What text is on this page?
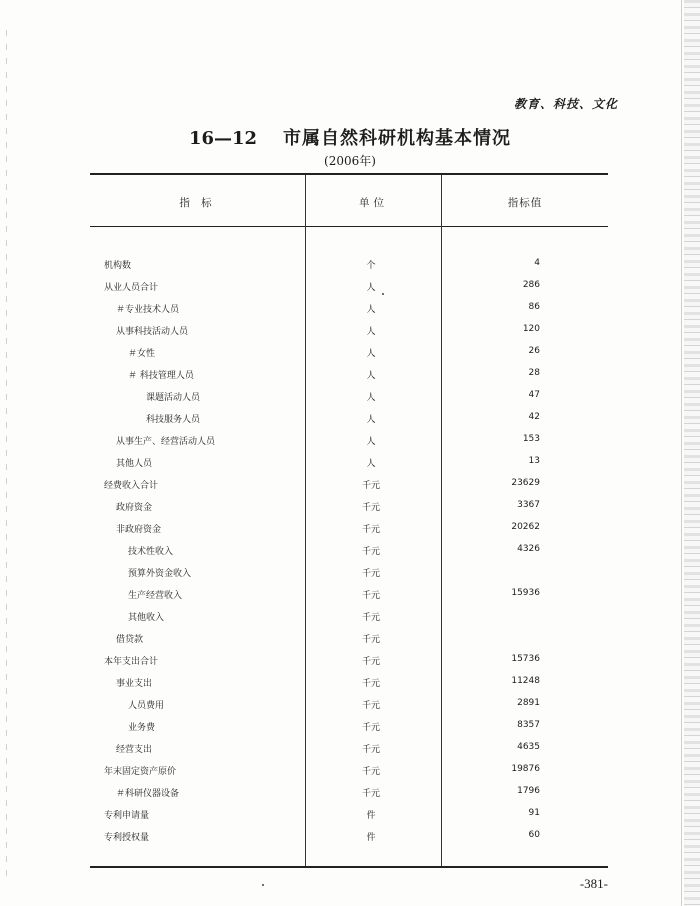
教育、科技、文化
16—12 市属自然科研机构基本情况
(2006年)
指 标	单位	指标值
机构数	个	4
从业人员合计	人	286
＃专业技术人员	人	86
从事科技活动人员	人	120
＃女性	人	26
＃ 科技管理人员	人	28
课题活动人员	人	47
科技服务人员	人	42
从事生产、经营活动人员	人	153
其他人员	人	13
经费收入合计	千元	23629
政府资金	千元	3367
非政府资金	千元	20262
技术性收入	千元	4326
预算外资金收入	千元
生产经营收入	千元	15936
其他收入	千元
借贷款	千元
本年支出合计	千元	15736
事业支出	千元	11248
人员费用	千元	2891
业务费	千元	8357
经营支出	千元	4635
年末固定资产原价	千元	19876
＃科研仪器设备	千元	1796
专利申请量	件	91
专利授权量	件	60
-381-
